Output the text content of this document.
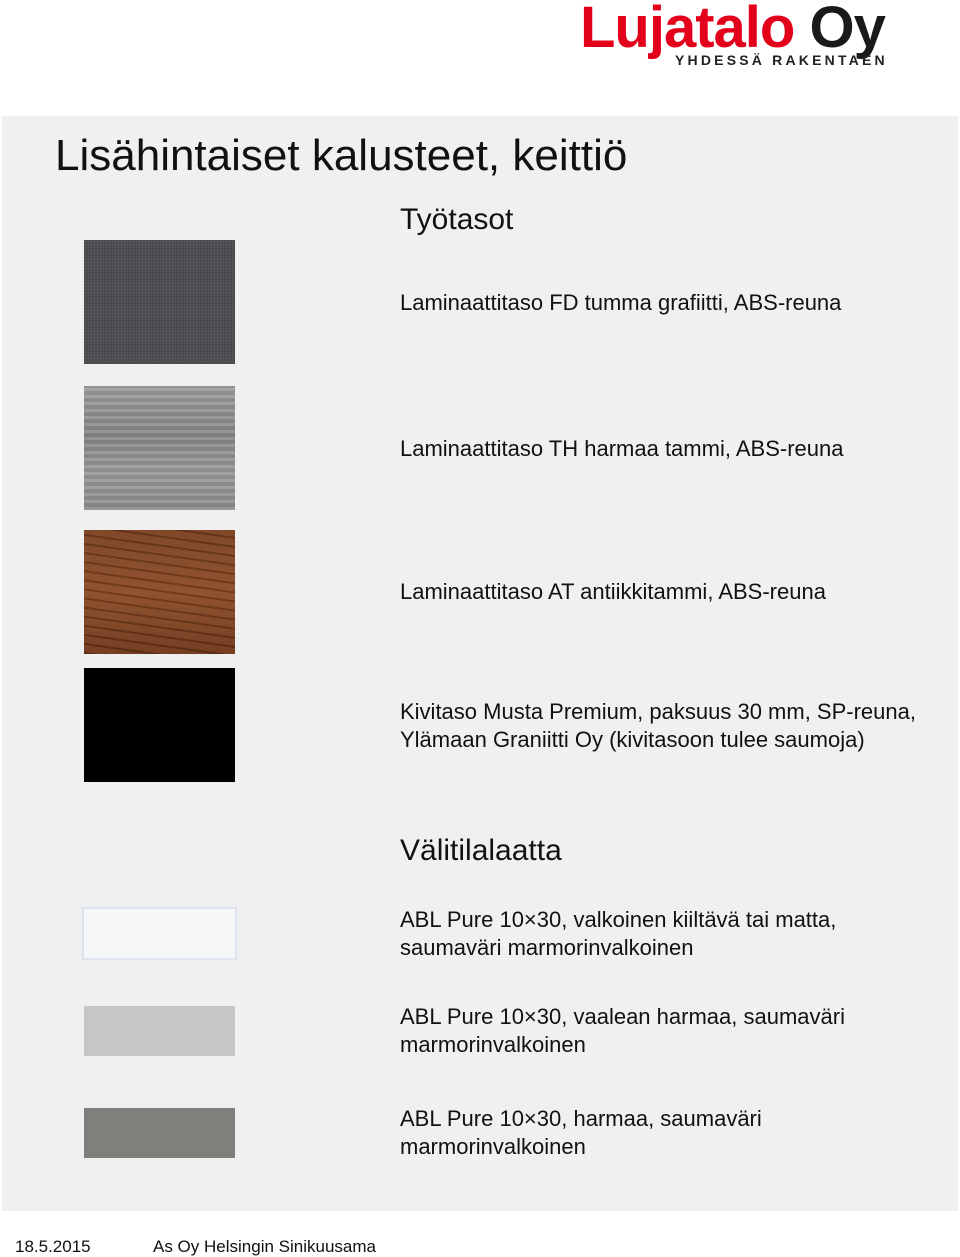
Lujatalo Oy
YHDESSÄ RAKENTAEN
Lisähintaiset kalusteet, keittiö
Työtasot

Laminaattitaso FD tumma grafiitti, ABS-reuna

Laminaattitaso TH harmaa tammi, ABS-reuna

Laminaattitaso AT antiikkitammi, ABS-reuna

Kivitaso Musta Premium, paksuus 30 mm, SP-reuna,
Ylämaan Graniitti Oy (kivitasoon tulee saumoja)

Välitilalaatta

ABL Pure 10×30, valkoinen kiiltävä tai matta,
saumaväri marmorinvalkoinen

ABL Pure 10×30, vaalean harmaa, saumaväri
marmorinvalkoinen

ABL Pure 10×30, harmaa, saumaväri
marmorinvalkoinen

18.5.2015	As Oy Helsingin Sinikuusama
